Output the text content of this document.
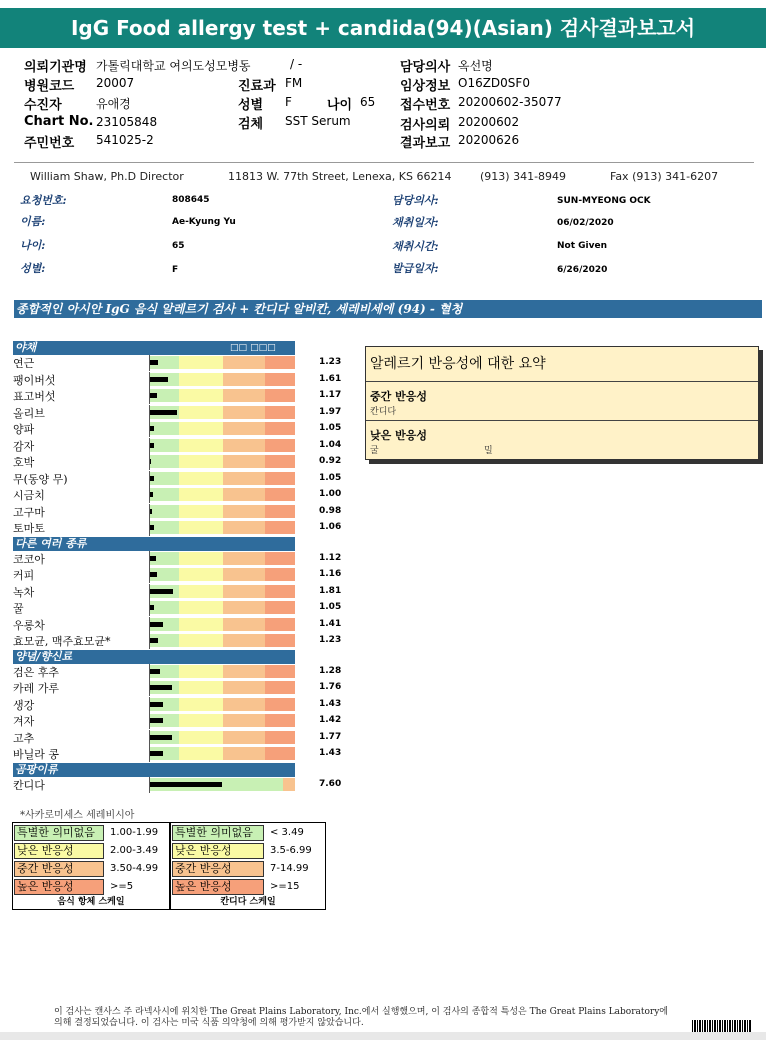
IgG Food allergy test + candida(94)(Asian) 검사결과보고서
의뢰기관명 가톨릭대학교 여의도성모병동	/ -	담당의사 옥선명
병원코드 20007	진료과 FM	임상정보 O16ZD0SF0
수진자	유애경	성별 F	나이 65 접수번호 20200602-35077
Chart No. 23105848	검체 SST Serum	검사의뢰 20200602
주민번호 541025-2	결과보고 20200626
William Shaw, Ph.D Director	11813 W. 77th Street, Lenexa, KS 66214	(913) 341-8949	Fax (913) 341-6207
요청번호:	808645	담당의사:	SUN-MYEONG OCK
이름:	Ae-Kyung Yu	채취일자:	06/02/2020
나이:	65	채취시간:	Not Given
성별:	F	발급일자:	6/26/2020
종합적인 아시안 IgG 음식 알레르기 검사 + 칸디다 알비칸, 세레비세에 (94) - 혈청
야채	□□ □□□
연근	1.23
팽이버섯	1.61
표고버섯	1.17
올리브	1.97
양파	1.05
감자	1.04
호박	0.92
무(동양 무)	1.05
시금치	1.00
고구마	0.98
토마토	1.06
다른 여러 종류
코코아	1.12
커피	1.16
녹차	1.81
꿀	1.05
우롱차	1.41
효모균, 맥주효모균*	1.23
양념/향신료
검은 후추	1.28
카레 가루	1.76
생강	1.43
겨자	1.42
고추	1.77
바닐라 콩	1.43
곰팡이류
칸디다	7.60
*사카로미세스 세레비시아
알레르기 반응성에 대한 요약
중간 반응성
칸디다
낮은 반응성
굴	밀
특별한 의미없음	1.00-1.99
낮은 반응성	2.00-3.49
중간 반응성	3.50-4.99
높은 반응성	>=5
음식 항체 스케일
특별한 의미없음	< 3.49
낮은 반응성	3.5-6.99
중간 반응성	7-14.99
높은 반응성	>=15
칸디다 스케일
이 검사는 캔사스 주 라넥사시에 위치한 The Great Plains Laboratory, Inc.에서 실행했으며, 이 검사의 종합적 특성은 The Great Plains Laboratory에 의해 결정되었습니다. 이 검사는 미국 식품 의약청에 의해 평가받지 않았습니다.
